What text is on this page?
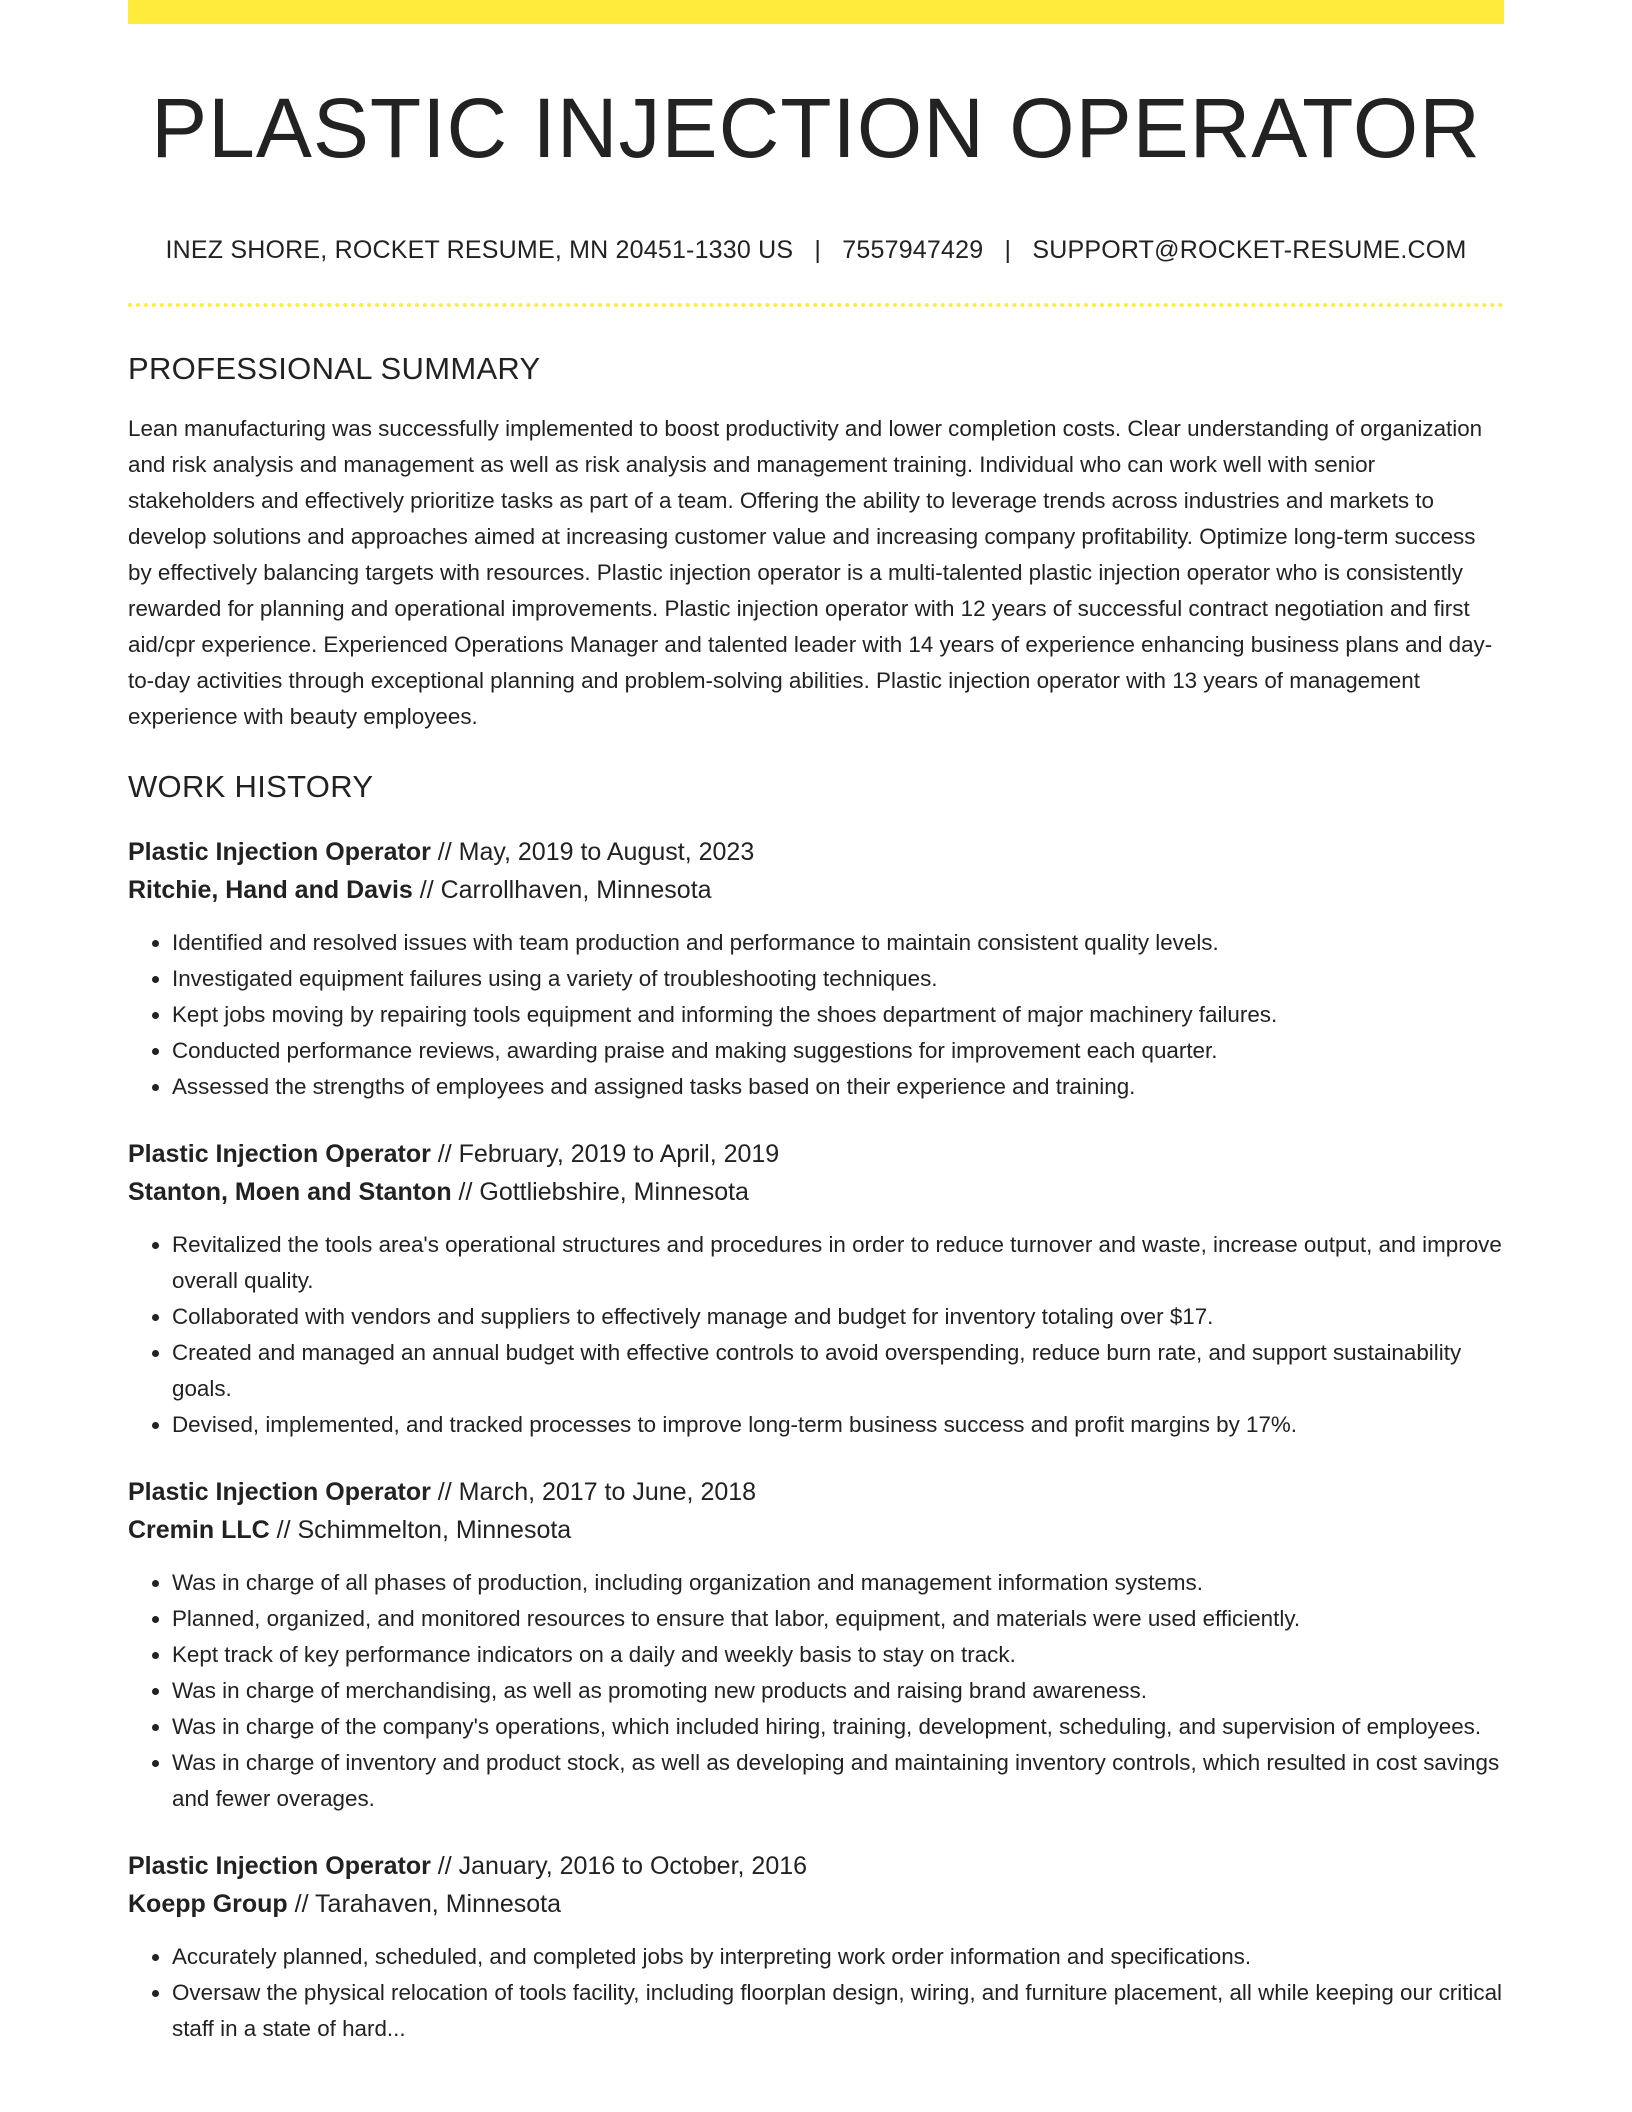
PLASTIC INJECTION OPERATOR
INEZ SHORE, ROCKET RESUME, MN 20451-1330 US | 7557947429 | SUPPORT@ROCKET-RESUME.COM
PROFESSIONAL SUMMARY

Lean manufacturing was successfully implemented to boost productivity and lower completion costs. Clear understanding of organization and risk analysis and management as well as risk analysis and management training. Individual who can work well with senior stakeholders and effectively prioritize tasks as part of a team. Offering the ability to leverage trends across industries and markets to develop solutions and approaches aimed at increasing customer value and increasing company profitability. Optimize long-term success by effectively balancing targets with resources. Plastic injection operator is a multi-talented plastic injection operator who is consistently rewarded for planning and operational improvements. Plastic injection operator with 12 years of successful contract negotiation and first aid/cpr experience. Experienced Operations Manager and talented leader with 14 years of experience enhancing business plans and day-to-day activities through exceptional planning and problem-solving abilities. Plastic injection operator with 13 years of management experience with beauty employees.

WORK HISTORY
Plastic Injection Operator // May, 2019 to August, 2023
Ritchie, Hand and Davis // Carrollhaven, Minnesota
• Identified and resolved issues with team production and performance to maintain consistent quality levels.
• Investigated equipment failures using a variety of troubleshooting techniques.
• Kept jobs moving by repairing tools equipment and informing the shoes department of major machinery failures.
• Conducted performance reviews, awarding praise and making suggestions for improvement each quarter.
• Assessed the strengths of employees and assigned tasks based on their experience and training.
Plastic Injection Operator // February, 2019 to April, 2019
Stanton, Moen and Stanton // Gottliebshire, Minnesota
• Revitalized the tools area's operational structures and procedures in order to reduce turnover and waste, increase output, and improve overall quality.
• Collaborated with vendors and suppliers to effectively manage and budget for inventory totaling over $17.
• Created and managed an annual budget with effective controls to avoid overspending, reduce burn rate, and support sustainability goals.
• Devised, implemented, and tracked processes to improve long-term business success and profit margins by 17%.
Plastic Injection Operator // March, 2017 to June, 2018
Cremin LLC // Schimmelton, Minnesota
• Was in charge of all phases of production, including organization and management information systems.
• Planned, organized, and monitored resources to ensure that labor, equipment, and materials were used efficiently.
• Kept track of key performance indicators on a daily and weekly basis to stay on track.
• Was in charge of merchandising, as well as promoting new products and raising brand awareness.
• Was in charge of the company's operations, which included hiring, training, development, scheduling, and supervision of employees.
• Was in charge of inventory and product stock, as well as developing and maintaining inventory controls, which resulted in cost savings and fewer overages.
Plastic Injection Operator // January, 2016 to October, 2016
Koepp Group // Tarahaven, Minnesota
• Accurately planned, scheduled, and completed jobs by interpreting work order information and specifications.
• Oversaw the physical relocation of tools facility, including floorplan design, wiring, and furniture placement, all while keeping our critical staff in a state of hard...
